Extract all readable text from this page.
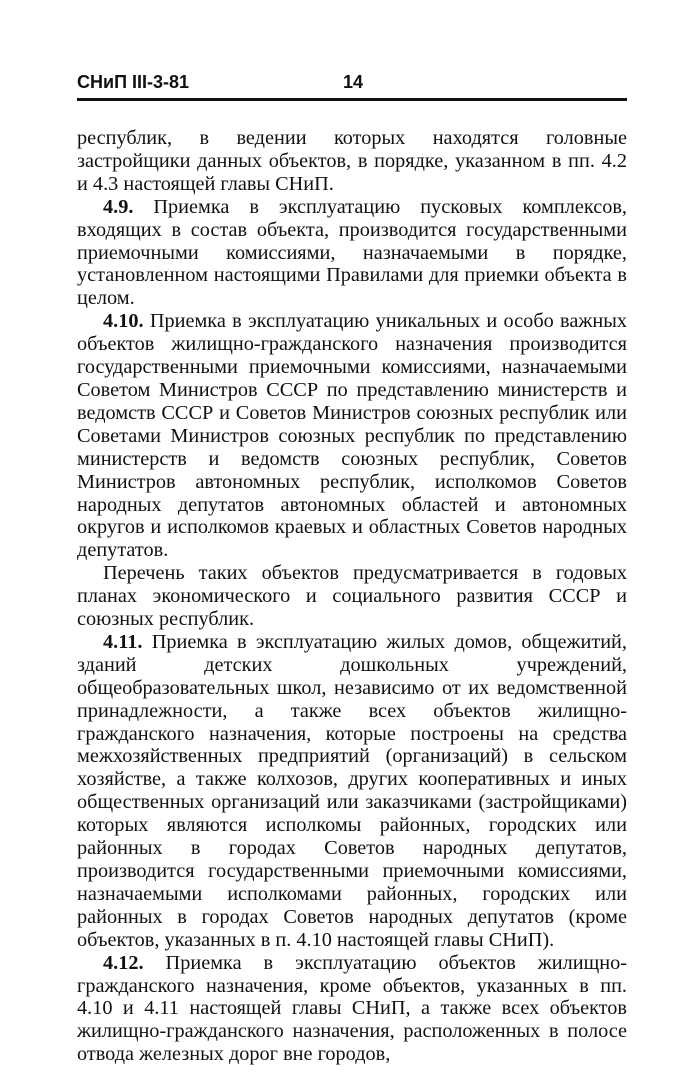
СНиП III-3-81	14

республик, в ведении которых находятся головные застройщики данных объектов, в порядке, указанном в пп. 4.2 и 4.3 настоящей главы СНиП.

4.9. Приемка в эксплуатацию пусковых комплексов, входящих в состав объекта, производится государственными приемочными комиссиями, назначаемыми в порядке, установленном настоящими Правилами для приемки объекта в целом.

4.10. Приемка в эксплуатацию уникальных и особо важных объектов жилищно-гражданского назначения производится государственными приемочными комиссиями, назначаемыми Советом Министров СССР по представлению министерств и ведомств СССР и Советов Министров союзных республик или Советами Министров союзных республик по представлению министерств и ведомств союзных республик, Советов Министров автономных республик, исполкомов Советов народных депутатов автономных областей и автономных округов и исполкомов краевых и областных Советов народных депутатов.

Перечень таких объектов предусматривается в годовых планах экономического и социального развития СССР и союзных республик.

4.11. Приемка в эксплуатацию жилых домов, общежитий, зданий детских дошкольных учреждений, общеобразовательных школ, независимо от их ведомственной принадлежности, а также всех объектов жилищно-гражданского назначения, которые построены на средства межхозяйственных предприятий (организаций) в сельском хозяйстве, а также колхозов, других кооперативных и иных общественных организаций или заказчиками (застройщиками) которых являются исполкомы районных, городских или районных в городах Советов народных депутатов, производится государственными приемочными комиссиями, назначаемыми исполкомами районных, городских или районных в городах Советов народных депутатов (кроме объектов, указанных в п. 4.10 настоящей главы СНиП).

4.12. Приемка в эксплуатацию объектов жилищно-гражданского назначения, кроме объектов, указанных в пп. 4.10 и 4.11 настоящей главы СНиП, а также всех объектов жилищно-гражданского назначения, расположенных в полосе отвода железных дорог вне городов,
